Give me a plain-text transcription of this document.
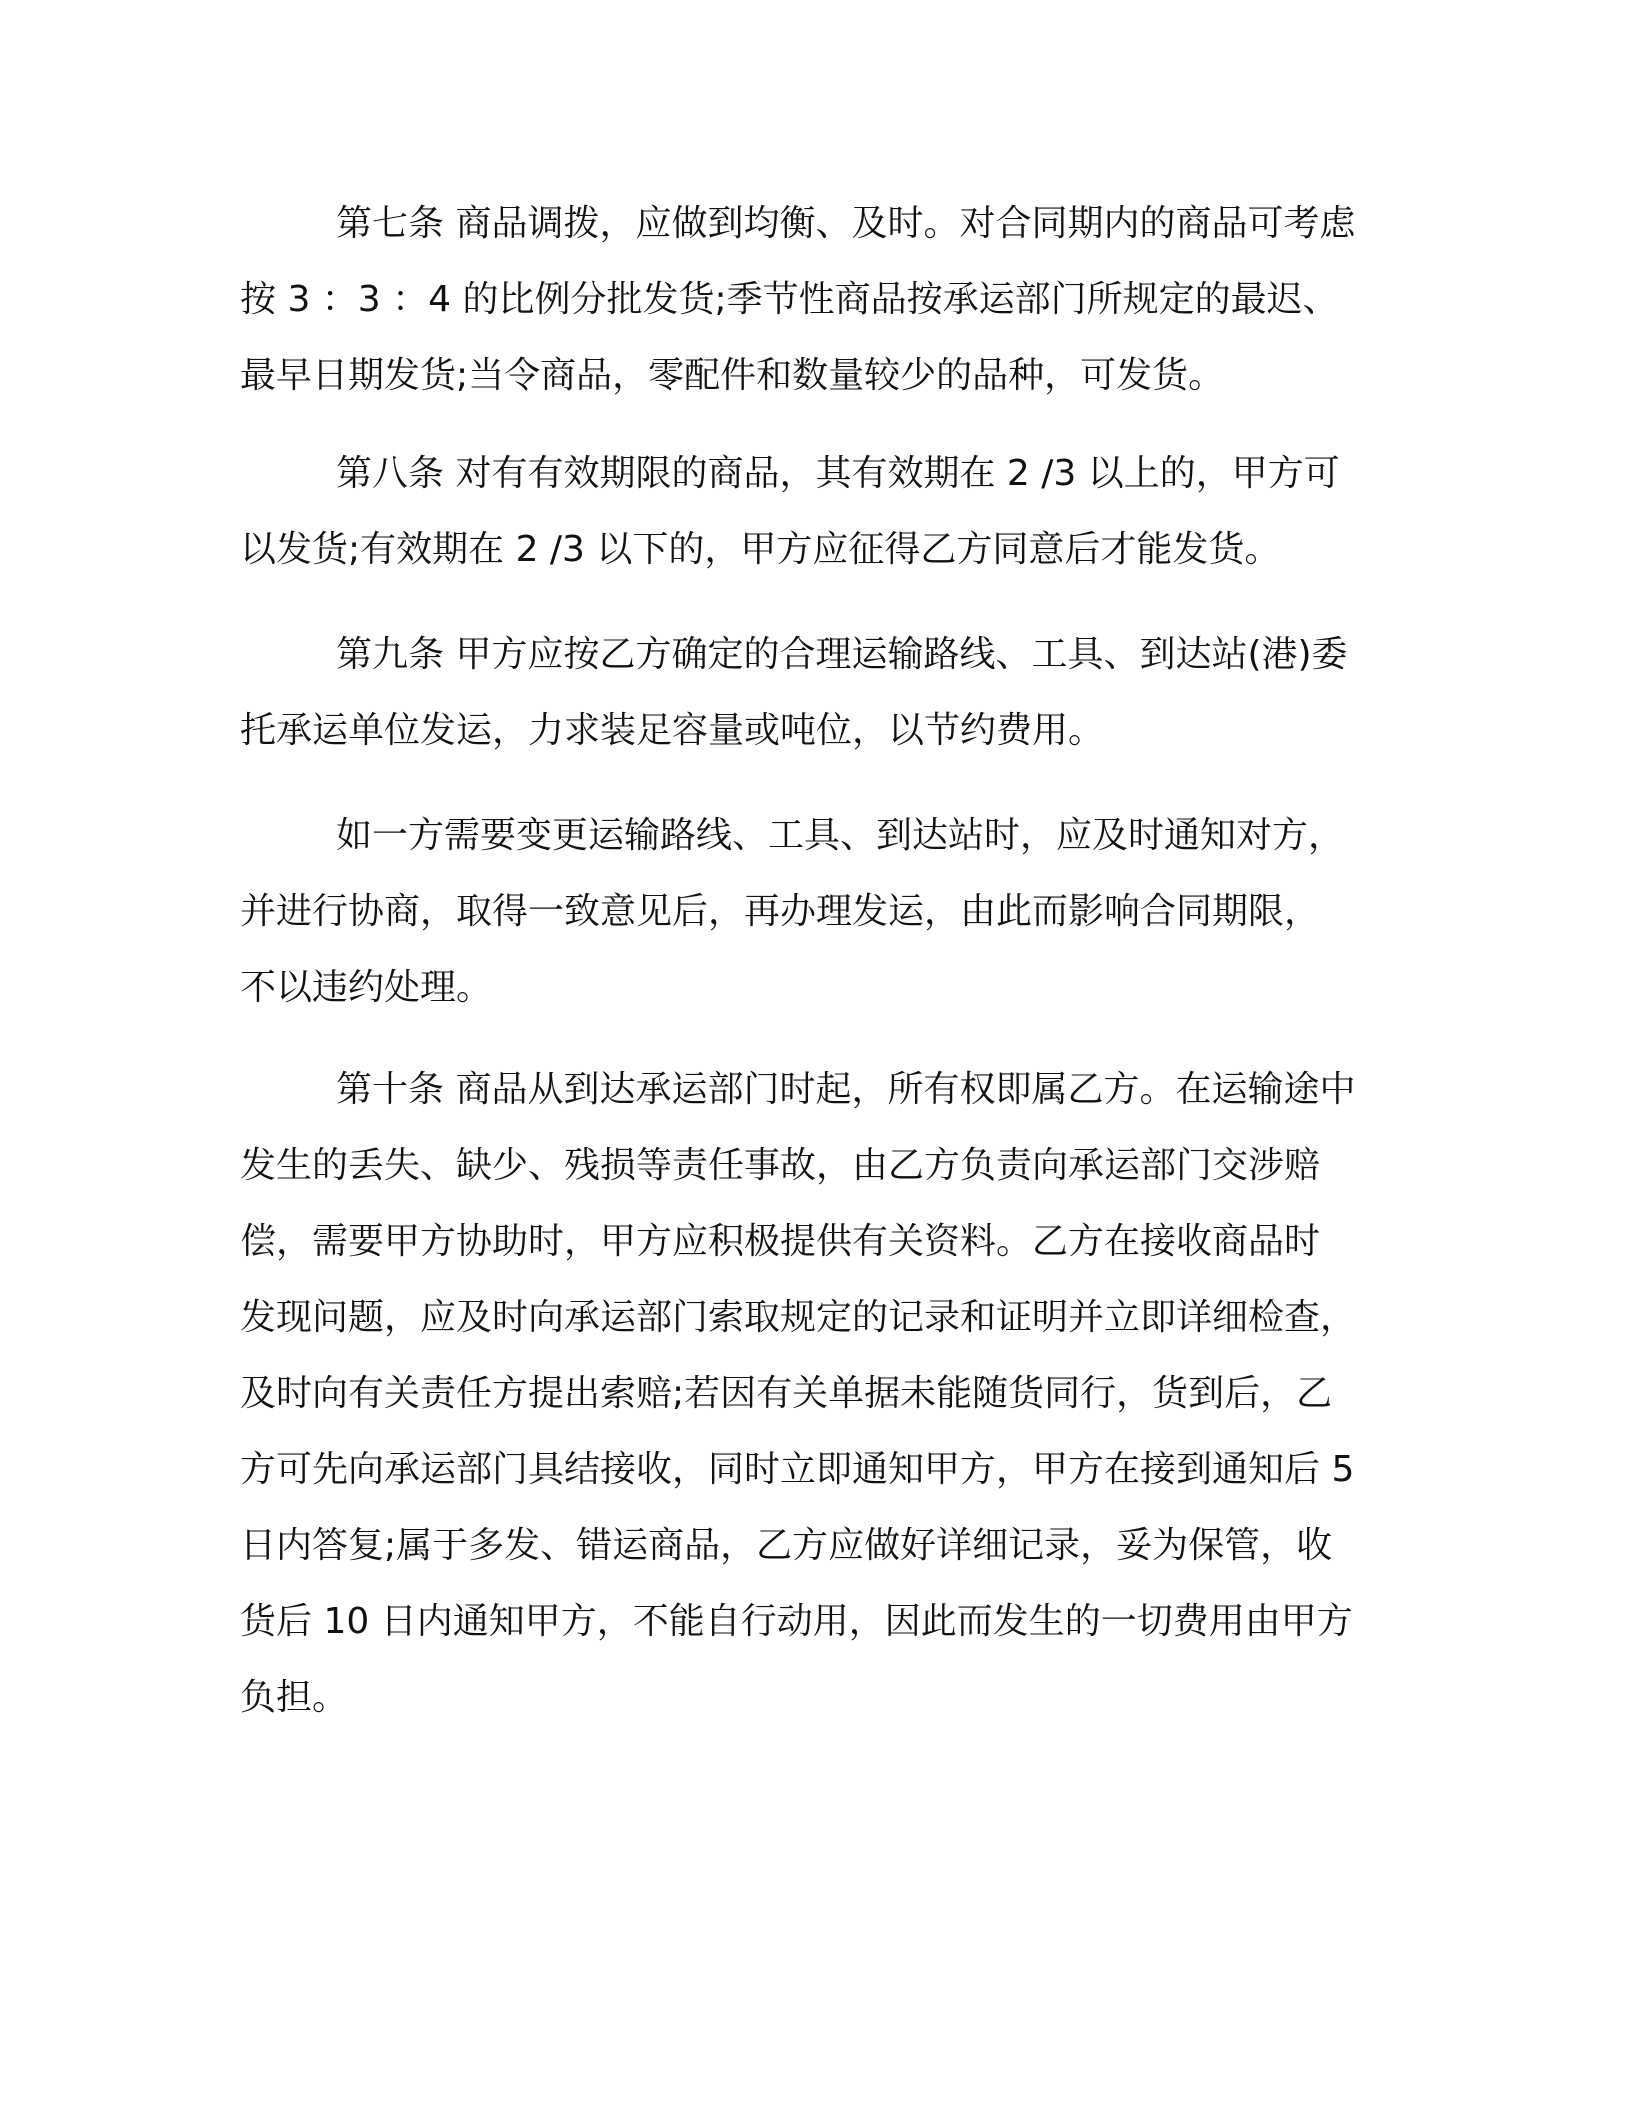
第七条 商品调拨，应做到均衡、及时。对合同期内的商品可考虑
按 3 ：3 ：4 的比例分批发货;季节性商品按承运部门所规定的最迟、
最早日期发货;当令商品，零配件和数量较少的品种，可发货。
第八条 对有有效期限的商品，其有效期在 2 /3 以上的，甲方可
以发货;有效期在 2 /3 以下的，甲方应征得乙方同意后才能发货。
第九条 甲方应按乙方确定的合理运输路线、工具、到达站(港)委
托承运单位发运，力求装足容量或吨位，以节约费用。
如一方需要变更运输路线、工具、到达站时，应及时通知对方，
并进行协商，取得一致意见后，再办理发运，由此而影响合同期限，
不以违约处理。
第十条 商品从到达承运部门时起，所有权即属乙方。在运输途中
发生的丢失、缺少、残损等责任事故，由乙方负责向承运部门交涉赔
偿，需要甲方协助时，甲方应积极提供有关资料。乙方在接收商品时
发现问题，应及时向承运部门索取规定的记录和证明并立即详细检查，
及时向有关责任方提出索赔;若因有关单据未能随货同行，货到后，乙
方可先向承运部门具结接收，同时立即通知甲方，甲方在接到通知后 5
日内答复;属于多发、错运商品，乙方应做好详细记录，妥为保管，收
货后 10 日内通知甲方，不能自行动用，因此而发生的一切费用由甲方
负担。
